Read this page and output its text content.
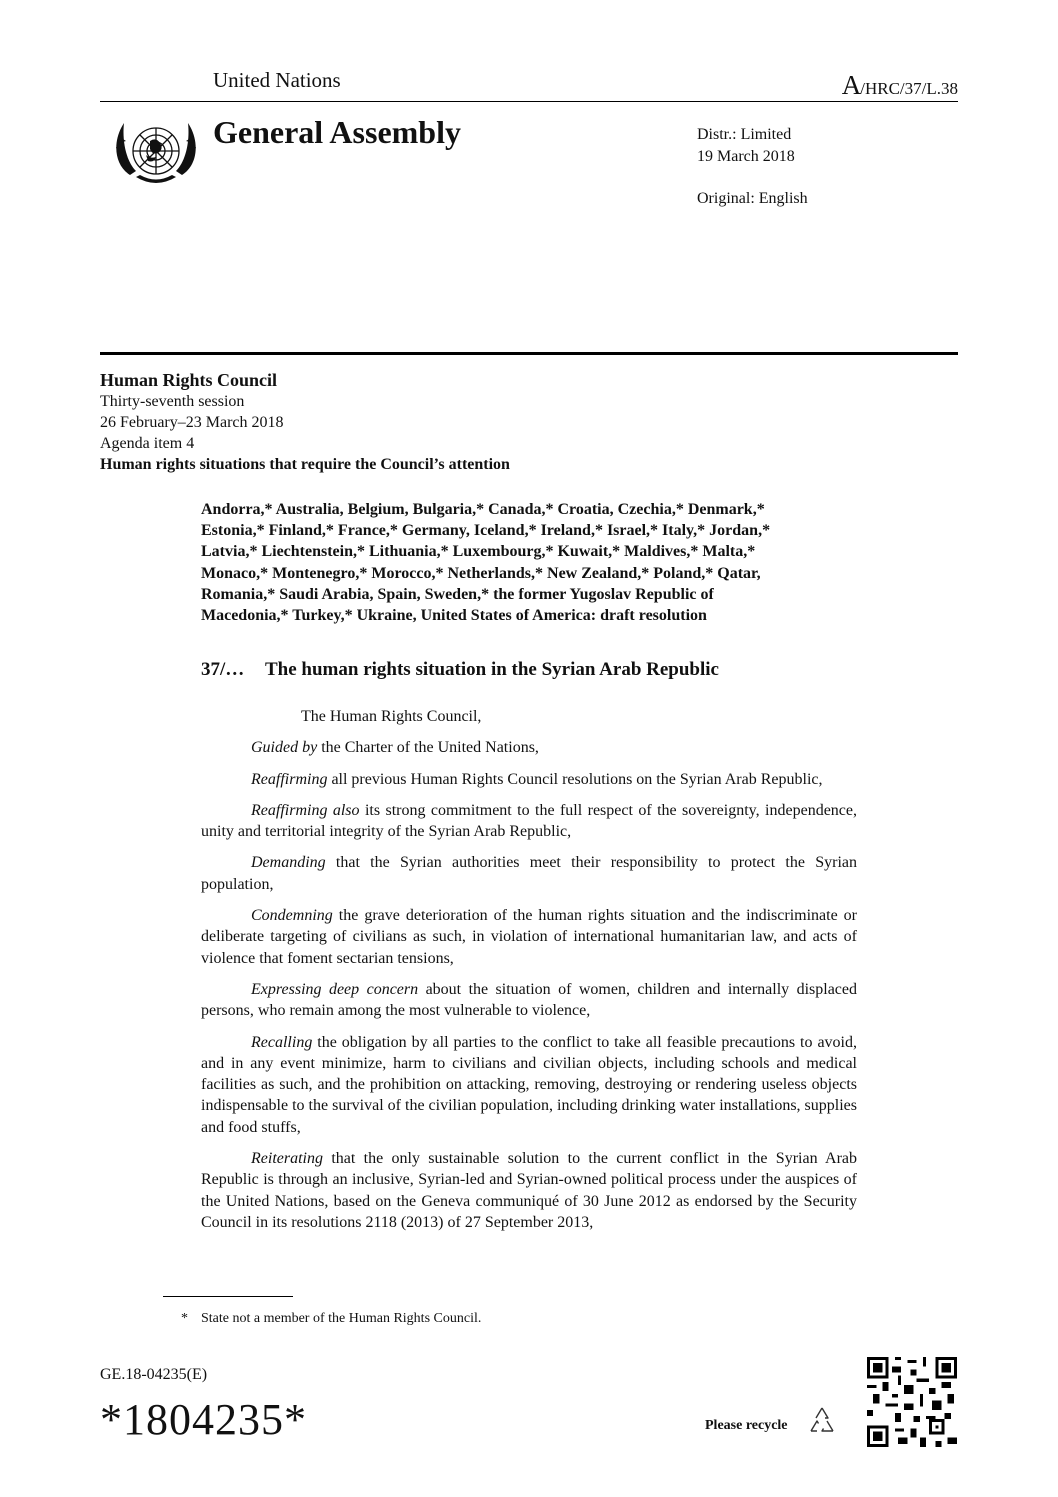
United Nations	A/HRC/37/L.38
General Assembly	Distr.: Limited
19 March 2018
Original: English
Human Rights Council
Thirty-seventh session
26 February–23 March 2018
Agenda item 4
Human rights situations that require the Council’s attention
Andorra,* Australia, Belgium, Bulgaria,* Canada,* Croatia, Czechia,* Denmark,*
Estonia,* Finland,* France,* Germany, Iceland,* Ireland,* Israel,* Italy,* Jordan,*
Latvia,* Liechtenstein,* Lithuania,* Luxembourg,* Kuwait,* Maldives,* Malta,*
Monaco,* Montenegro,* Morocco,* Netherlands,* New Zealand,* Poland,* Qatar,
Romania,* Saudi Arabia, Spain, Sweden,* the former Yugoslav Republic of
Macedonia,* Turkey,* Ukraine, United States of America: draft resolution
37/… The human rights situation in the Syrian Arab Republic

The Human Rights Council,

Guided by the Charter of the United Nations,

Reaffirming all previous Human Rights Council resolutions on the Syrian Arab Republic,

Reaffirming also its strong commitment to the full respect of the sovereignty, independence, unity and territorial integrity of the Syrian Arab Republic,

Demanding that the Syrian authorities meet their responsibility to protect the Syrian population,

Condemning the grave deterioration of the human rights situation and the indiscriminate or deliberate targeting of civilians as such, in violation of international humanitarian law, and acts of violence that foment sectarian tensions,

Expressing deep concern about the situation of women, children and internally displaced persons, who remain among the most vulnerable to violence,

Recalling the obligation by all parties to the conflict to take all feasible precautions to avoid, and in any event minimize, harm to civilians and civilian objects, including schools and medical facilities as such, and the prohibition on attacking, removing, destroying or rendering useless objects indispensable to the survival of the civilian population, including drinking water installations, supplies and food stuffs,

Reiterating that the only sustainable solution to the current conflict in the Syrian Arab Republic is through an inclusive, Syrian-led and Syrian-owned political process under the auspices of the United Nations, based on the Geneva communiqué of 30 June 2012 as endorsed by the Security Council in its resolutions 2118 (2013) of 27 September 2013,

* State not a member of the Human Rights Council.
GE.18-04235(E)
*1804235*	Please recycle
